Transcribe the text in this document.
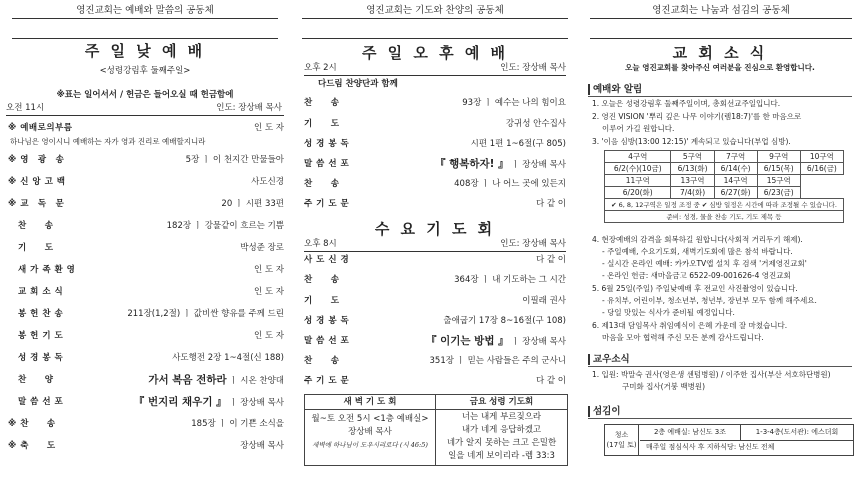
영진교회는 예배와 말씀의 공동체
주 일 낮 예 배
<성령강림후 둘째주일>
※표는 일어서서 / 헌금은 들어오실 때 헌금함에
오전 11시	인도: 장상배 목사
하나님은 영이시니 예배하는 자가 영과 진리로 예배할지니라
※ 예배로의부름	인 도 자
※ 영　광　송	5장 ㅣ 이 천지간 만물들아
※ 신 앙 고 백	사도신경
※ 교　독　문	20 ㅣ 시편 33편
찬　　송	182장 ㅣ 강물같이 흐르는 기쁨
기　　도	박성준 장로
새 가 족 환 영	인 도 자
교 회 소 식	인 도 자
봉 헌 찬 송	211장(1,2절) ㅣ 값비싼 향유를 주께 드린
봉 헌 기 도	인 도 자
성 경 봉 독	사도행전 2장 1~4절(신 188)
찬　　양	가서 복음 전하라 ㅣ 시온 찬양대
말 씀 선 포	『 번지리 채우기 』 ㅣ 장상배 목사
※ 찬　　송	185장 ㅣ 이 기쁜 소식을
※ 축　　도	장상배 목사
영진교회는 기도와 찬양의 공동체
주 일 오 후 예 배
오후 2시	인도: 장상배 목사
다드림 찬양단과 함께
찬　　송	93장 ㅣ 예수는 나의 힘이요
기　　도	강귀성 안수집사
성 경 봉 독	시편 1편 1~6절(구 805)
말 씀 선 포	『 행복하자! 』 ㅣ 장상배 목사
찬　　송	408장 ㅣ 나 어느 곳에 있든지
주 기 도 문	다 같 이
수 요 기 도 회
오후 8시	인도: 장상배 목사
사 도 신 경	다 같 이
찬　　송	364장 ㅣ 내 기도하는 그 시간
기　　도	이필래 권사
성 경 봉 독	출애굽기 17장 8~16절(구 108)
말 씀 선 포	『 이기는 방법 』 ㅣ 장상배 목사
찬　　송	351장 ㅣ 믿는 사람들은 주의 군사니
주 기 도 문	다 같 이
새 벽 기 도 회
월~토 오전 5시 <1층 예배실>
장상배 목사
새벽에 하나님이 도우시리로다 (시 46:5)
금요 성령 기도회
너는 내게 부르짖으라
내가 네게 응답하겠고
네가 알지 못하는 크고 은밀한
일을 네게 보이리라 -렘 33:3
영진교회는 나눔과 섬김의 공동체
교 회 소 식
오늘 영진교회를 찾아주신 여러분을 진심으로 환영합니다.
예배와 알림
1. 오늘은 성령강림후 둘째주일이며, 총회선교주일입니다.
2. 영진 VISION '뿌리 깊은 나무 이야기(렘18:7)'를 한 마음으로
이루어 가길 원합니다.
3. '이음 심방(13:00 12:15)' 계속되고 있습니다(부업 심방).
4구역	5구역	7구역	9구역	10구역
6/2(수)(10금)	6/13(화)	6/14(수)	6/15(목)	6/16(금)
11구역	13구역	14구역	15구역	
6/20(화)	7/4(화)	6/27(화)	6/23(금)	
✔ 6, 8, 12구역은 일정 조정 중 ✔ 심방 일정은 시간에 따라 조정될 수 있습니다.				
준비: 성경, 물을 찬송 기도, 기도 제목 등				
4. 현장예배의 감격을 회복하길 원합니다(사회적 거리두기 해제).
- 주일예배, 수요기도회, 새벽기도회에 많은 참석 바랍니다.
- 실시간 온라인 예배: 카카오TV앱 설치 후 검색 '거제영진교회'
- 온라인 헌금: 새마을금고 6522-09-001626-4 영진교회
5. 6월 25일(주일) 주일낮예배 후 전교인 사진촬영이 있습니다.
- 유치부, 어린이부, 청소년부, 청년부, 장년부 모두 함께 해주세요.
- 당일 맛있는 식사가 준비될 예정입니다.
6. 제13대 담임목사 취임예식이 은혜 가운데 잘 마쳤습니다.
마음을 모아 협력해 주신 모든 분께 감사드립니다.
교우소식
1. 입원: 박말숙 권사(영은생 센텀병원) / 이주한 집사(부산 서호하단병원)
구미화 집사(거붕 백병원)
섬김이
청소
(17일 토)
2층 예배실: 남신도 3조	1-3-4층(도서관): 에스더회
매주일 점심식사 후 지하식당: 남신도 전체
